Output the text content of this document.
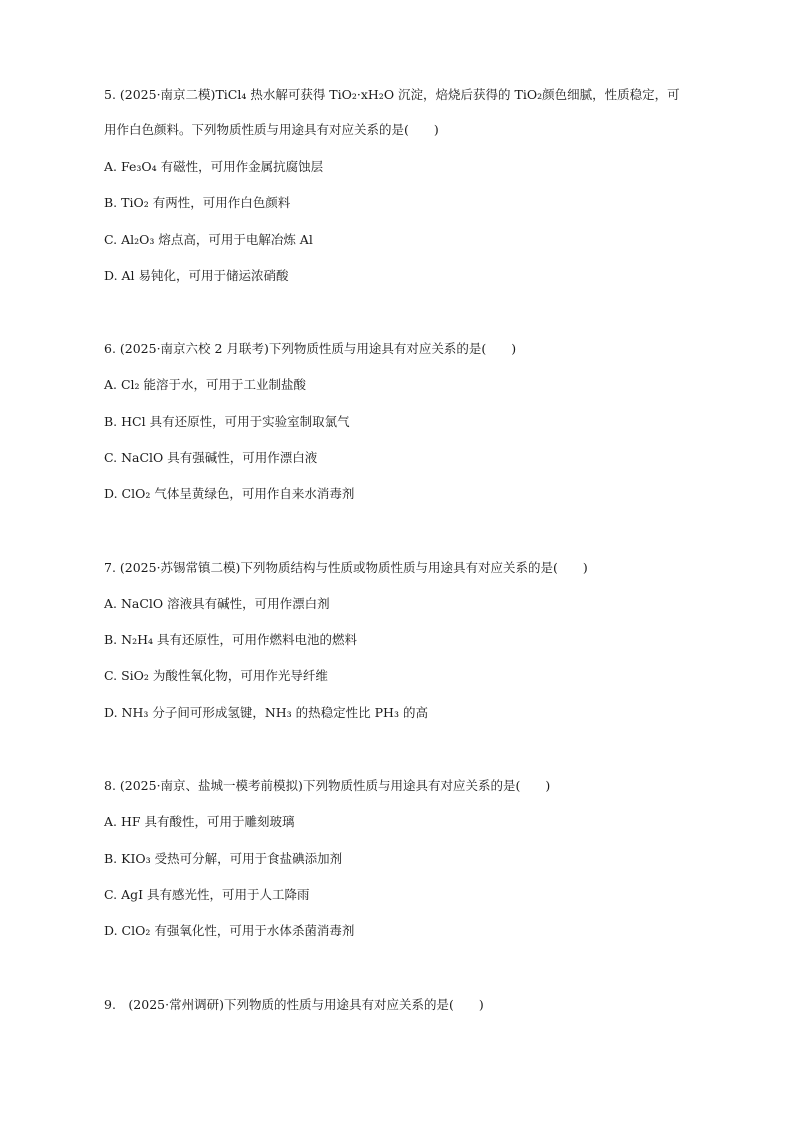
5. (2025·南京二模)TiCl₄ 热水解可获得 TiO₂·xH₂O 沉淀，焙烧后获得的 TiO₂颜色细腻，性质稳定，可
用作白色颜料。下列物质性质与用途具有对应关系的是(　　)
A. Fe₃O₄ 有磁性，可用作金属抗腐蚀层
B. TiO₂ 有两性，可用作白色颜料
C. Al₂O₃ 熔点高，可用于电解冶炼 Al
D. Al 易钝化，可用于储运浓硝酸
6. (2025·南京六校 2 月联考)下列物质性质与用途具有对应关系的是(　　)
A. Cl₂ 能溶于水，可用于工业制盐酸
B. HCl 具有还原性，可用于实验室制取氯气
C. NaClO 具有强碱性，可用作漂白液
D. ClO₂ 气体呈黄绿色，可用作自来水消毒剂
7. (2025·苏锡常镇二模)下列物质结构与性质或物质性质与用途具有对应关系的是(　　)
A. NaClO 溶液具有碱性，可用作漂白剂
B. N₂H₄ 具有还原性，可用作燃料电池的燃料
C. SiO₂ 为酸性氧化物，可用作光导纤维
D. NH₃ 分子间可形成氢键，NH₃ 的热稳定性比 PH₃ 的高
8. (2025·南京、盐城一模考前模拟)下列物质性质与用途具有对应关系的是(　　)
A. HF 具有酸性，可用于雕刻玻璃
B. KIO₃ 受热可分解，可用于食盐碘添加剂
C. AgI 具有感光性，可用于人工降雨
D. ClO₂ 有强氧化性，可用于水体杀菌消毒剂
9.　(2025·常州调研)下列物质的性质与用途具有对应关系的是(　　)
